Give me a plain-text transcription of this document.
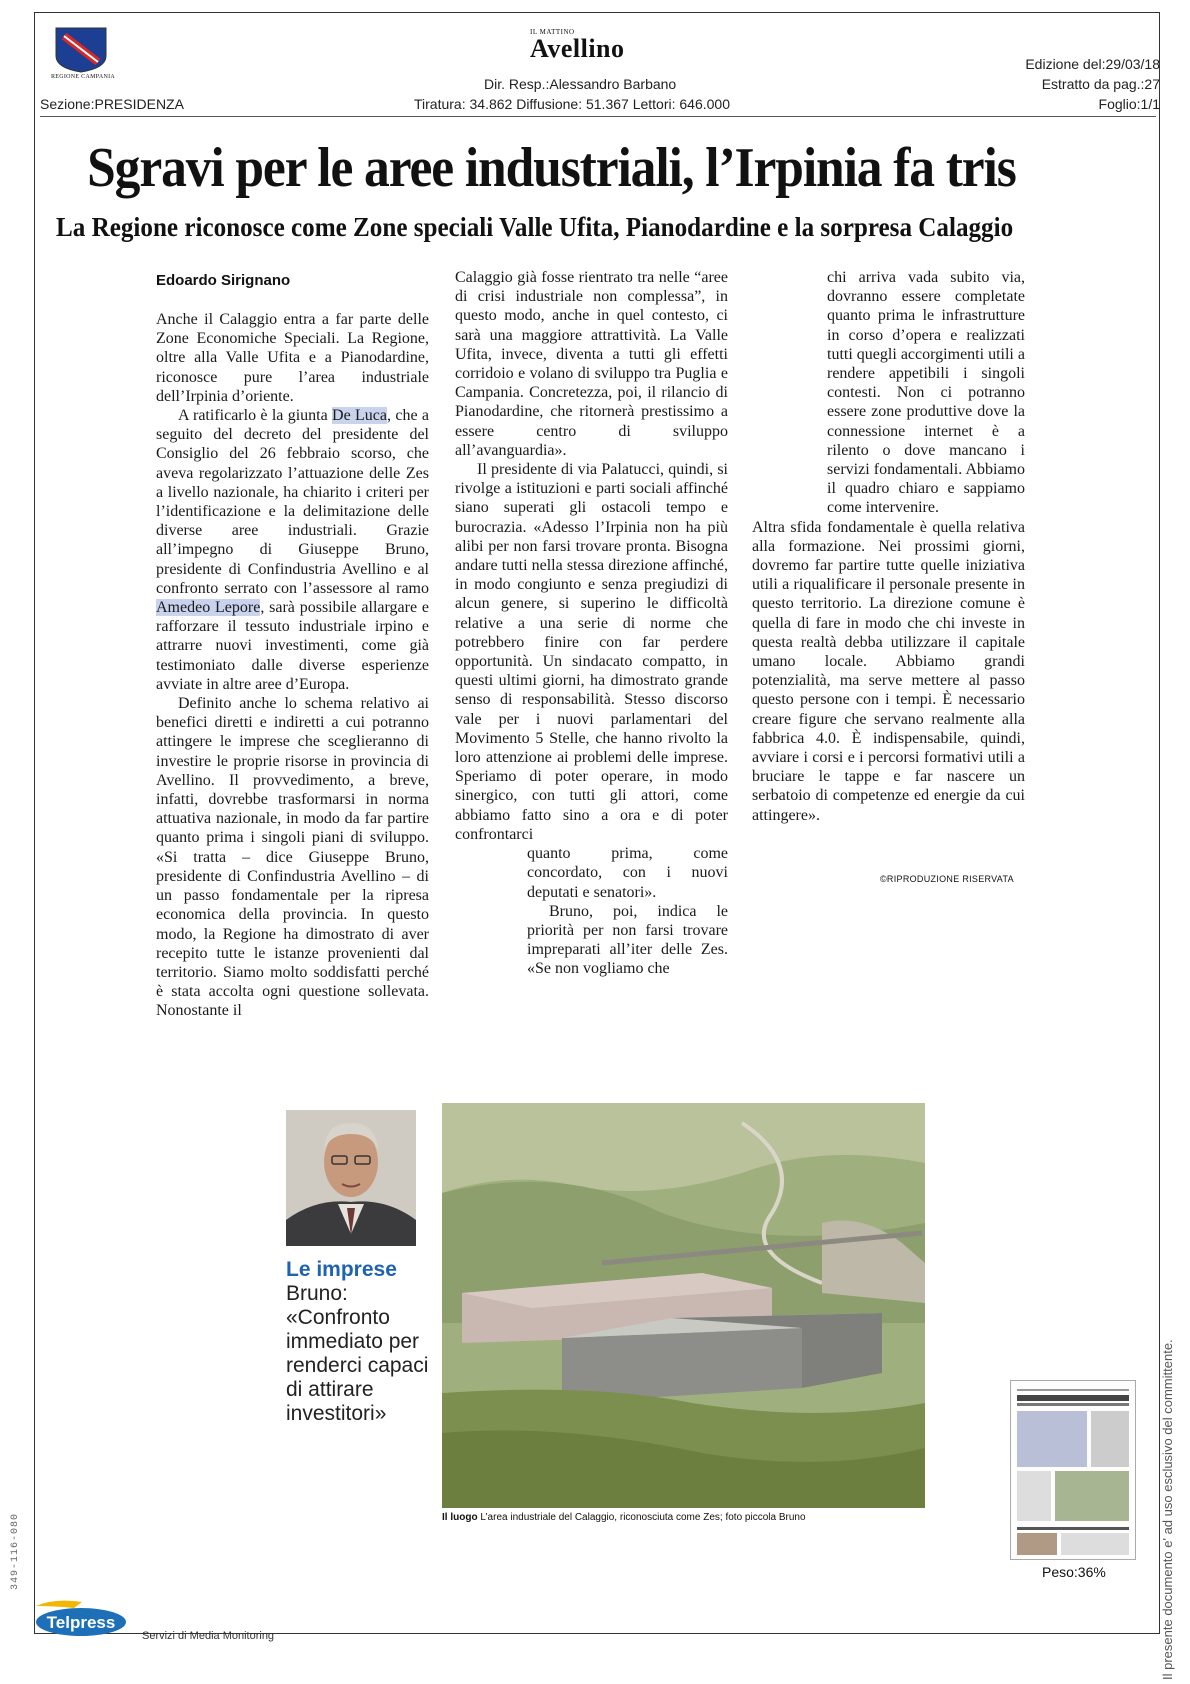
REGIONE CAMPANIA
IL MATTINO
Avellino
Dir. Resp.:Alessandro Barbano
Tiratura: 34.862 Diffusione: 51.367 Lettori: 646.000
Sezione:PRESIDENZA
Edizione del:29/03/18
Estratto da pag.:27
Foglio:1/1
Sgravi per le aree industriali, l’Irpinia fa tris
La Regione riconosce come Zone speciali Valle Ufita, Pianodardine e la sorpresa Calaggio
Edoardo Sirignano

Anche il Calaggio entra a far parte delle Zone Economiche Speciali. La Regione, oltre alla Valle Ufita e a Pianodardine, riconosce pure l’area industriale dell’Irpinia d’oriente.

A ratificarlo è la giunta De Luca, che a seguito del decreto del presidente del Consiglio del 26 febbraio scorso, che aveva regolarizzato l’attuazione delle Zes a livello nazionale, ha chiarito i criteri per l’identificazione e la delimitazione delle diverse aree industriali. Grazie all’impegno di Giuseppe Bruno, presidente di Confindustria Avellino e al confronto serrato con l’assessore al ramo Amedeo Lepore, sarà possibile allargare e rafforzare il tessuto industriale irpino e attrarre nuovi investimenti, come già testimoniato dalle diverse esperienze avviate in altre aree d’Europa.

Definito anche lo schema relativo ai benefici diretti e indiretti a cui potranno attingere le imprese che sceglieranno di investire le proprie risorse in provincia di Avellino. Il provvedimento, a breve, infatti, dovrebbe trasformarsi in norma attuativa nazionale, in modo da far partire quanto prima i singoli piani di sviluppo. «Si tratta – dice Giuseppe Bruno, presidente di Confindustria Avellino – di un passo fondamentale per la ripresa economica della provincia. In questo modo, la Regione ha dimostrato di aver recepito tutte le istanze provenienti dal territorio. Siamo molto soddisfatti perché è stata accolta ogni questione sollevata. Nonostante il

Calaggio già fosse rientrato tra nelle “aree di crisi industriale non complessa”, in questo modo, anche in quel contesto, ci sarà una maggiore attrattività. La Valle Ufita, invece, diventa a tutti gli effetti corridoio e volano di sviluppo tra Puglia e Campania. Concretezza, poi, il rilancio di Pianodardine, che ritornerà prestissimo a essere centro di sviluppo all’avanguardia».

Il presidente di via Palatucci, quindi, si rivolge a istituzioni e parti sociali affinché siano superati gli ostacoli tempo e burocrazia. «Adesso l’Irpinia non ha più alibi per non farsi trovare pronta. Bisogna andare tutti nella stessa direzione affinché, in modo congiunto e senza pregiudizi di alcun genere, si superino le difficoltà relative a una serie di norme che potrebbero finire con far perdere opportunità. Un sindacato compatto, in questi ultimi giorni, ha dimostrato grande senso di responsabilità. Stesso discorso vale per i nuovi parlamentari del Movimento 5 Stelle, che hanno rivolto la loro attenzione ai problemi delle imprese. Speriamo di poter operare, in modo sinergico, con tutti gli attori, come abbiamo fatto sino a ora e di poter confrontarci

quanto prima, come concordato, con i nuovi deputati e senatori».

Bruno, poi, indica le priorità per non farsi trovare impreparati all’iter delle Zes. «Se non vogliamo che

chi arriva vada subito via, dovranno essere completate quanto prima le infrastrutture in corso d’opera e realizzati tutti quegli accorgimenti utili a rendere appetibili i singoli contesti. Non ci potranno essere zone produttive dove la connessione internet è a rilento o dove mancano i servizi fondamentali. Abbiamo il quadro chiaro e sappiamo come intervenire.

Altra sfida fondamentale è quella relativa alla formazione. Nei prossimi giorni, dovremo far partire tutte quelle iniziativa utili a riqualificare il personale presente in questo territorio. La direzione comune è quella di fare in modo che chi investe in questa realtà debba utilizzare il capitale umano locale. Abbiamo grandi potenzialità, ma serve mettere al passo questo persone con i tempi. È necessario creare figure che servano realmente alla fabbrica 4.0. È indispensabile, quindi, avviare i corsi e i percorsi formativi utili a bruciare le tappe e far nascere un serbatoio di competenze ed energie da cui attingere».

©RIPRODUZIONE RISERVATA
Le imprese
Bruno: «Confronto immediato per renderci capaci di attirare investitori»
Il luogo L’area industriale del Calaggio, riconosciuta come Zes; foto piccola Bruno
Peso:36%	Il presente documento e' ad uso esclusivo del committente.
349-116-080
Telpress
Servizi di Media Monitoring
